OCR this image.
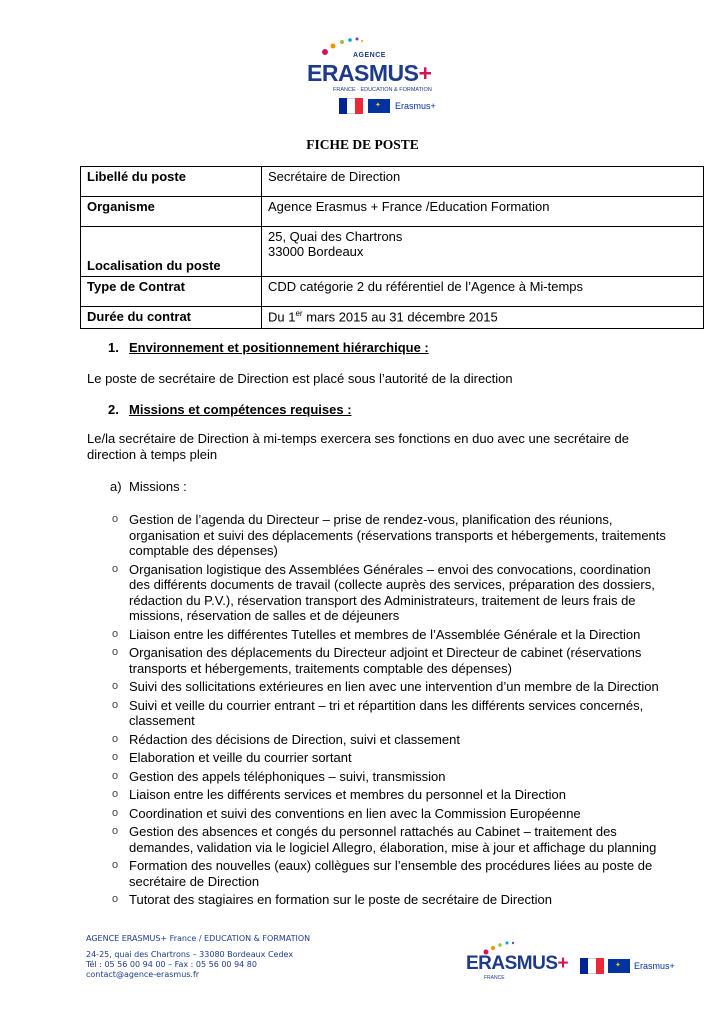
AGENCE
ERASMUS+
FRANCE · EDUCATION & FORMATION
✦
Erasmus+
FICHE DE POSTE
Libellé du poste	Secrétaire de Direction
Organisme	Agence Erasmus + France /Education Formation
Localisation du poste	25, Quai des Chartrons
33000 Bordeaux

Type de Contrat	CDD catégorie 2 du référentiel de l’Agence à Mi-temps
Durée du contrat	Du 1er mars 2015 au 31 décembre 2015
1. Environnement et positionnement hiérarchique :
Le poste de secrétaire de Direction est placé sous l’autorité de la direction
2. Missions et compétences requises :
Le/la secrétaire de Direction à mi-temps exercera ses fonctions en duo avec une secrétaire de direction à temps plein
a) Missions :
o Gestion de l’agenda du Directeur – prise de rendez-vous, planification des réunions, organisation et suivi des déplacements (réservations transports et hébergements, traitements comptable des dépenses)
o Organisation logistique des Assemblées Générales – envoi des convocations, coordination des différents documents de travail (collecte auprès des services, préparation des dossiers, rédaction du P.V.), réservation transport des Administrateurs, traitement de leurs frais de missions, réservation de salles et de déjeuners
o Liaison entre les différentes Tutelles et membres de l’Assemblée Générale et la Direction
o Organisation des déplacements du Directeur adjoint et Directeur de cabinet (réservations transports et hébergements, traitements comptable des dépenses)
o Suivi des sollicitations extérieures en lien avec une intervention d’un membre de la Direction
o Suivi et veille du courrier entrant – tri et répartition dans les différents services concernés, classement
o Rédaction des décisions de Direction, suivi et classement
o Elaboration et veille du courrier sortant
o Gestion des appels téléphoniques – suivi, transmission
o Liaison entre les différents services et membres du personnel et la Direction
o Coordination et suivi des conventions en lien avec la Commission Européenne
o Gestion des absences et congés du personnel rattachés au Cabinet – traitement des demandes, validation via le logiciel Allegro, élaboration, mise à jour et affichage du planning
o Formation des nouvelles (eaux) collègues sur l’ensemble des procédures liées au poste de secrétaire de Direction
o Tutorat des stagiaires en formation sur le poste de secrétaire de Direction
AGENCE ERASMUS+ France / EDUCATION & FORMATION
24-25, quai des Chartrons – 33080 Bordeaux Cedex
Tél : 05 56 00 94 00 – Fax : 05 56 00 94 80
contact@agence-erasmus.fr
ERASMUS+
FRANCE
✦
Erasmus+
